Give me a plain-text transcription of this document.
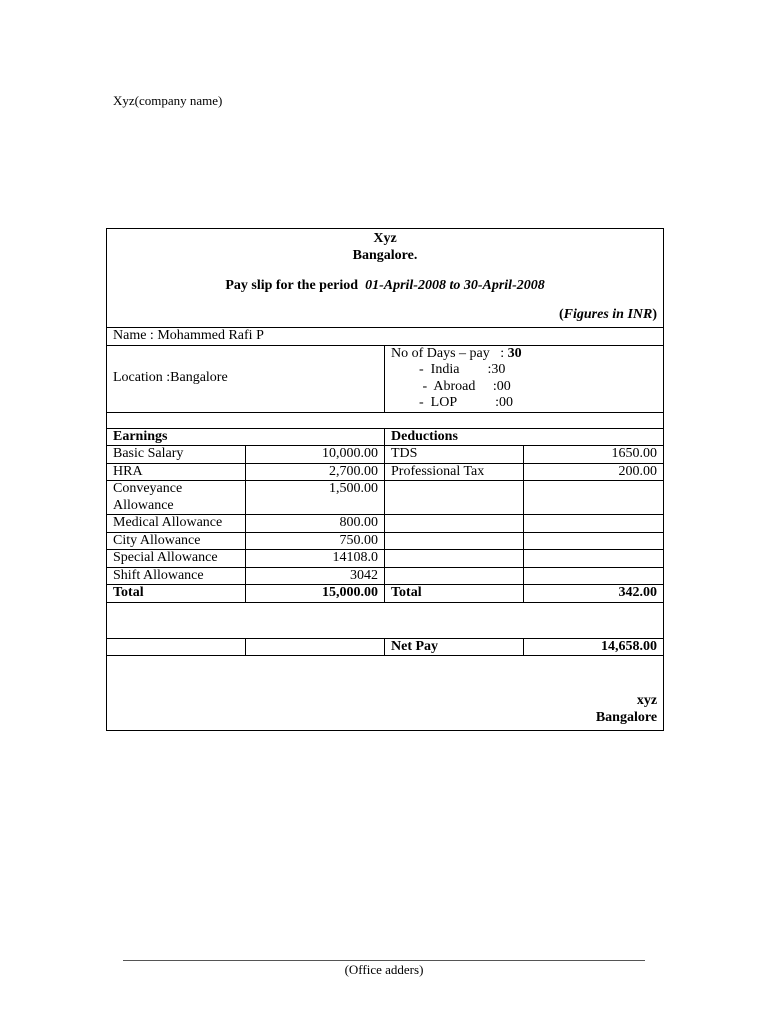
Xyz(company name)
Xyz
Bangalore.
Pay slip for the period 01-April-2008 to 30-April-2008
(Figures in INR)			

Name : Mohammed Rafi P			
Location :Bangalore		No of Days – pay   : 30
-  India :30
-  Abroad :00
-  LOP :00	

Earnings		Deductions	
Basic Salary	10,000.00	TDS	1650.00
HRA	2,700.00	Professional Tax	200.00
Conveyance Allowance	1,500.00		
Medical Allowance	800.00		
City Allowance	750.00		
Special Allowance	14108.0		
Shift Allowance	3042		
Total	15,000.00	Total	342.00

		Net Pay	14,658.00

xyz
Bangalore			
(Office adders)
